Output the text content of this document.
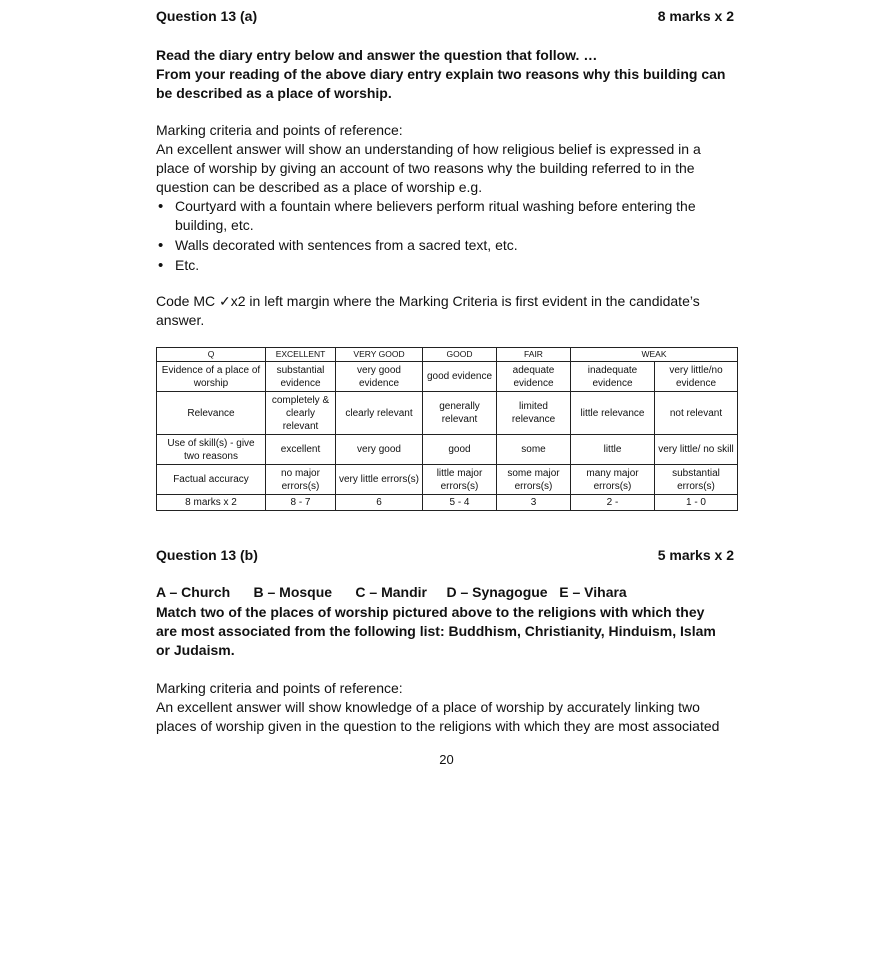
Question 13 (a)	8 marks x 2
Read the diary entry below and answer the question that follow. …
From your reading of the above diary entry explain two reasons why this building can be described as a place of worship.
Marking criteria and points of reference:
An excellent answer will show an understanding of how religious belief is expressed in a place of worship by giving an account of two reasons why the building referred to in the question can be described as a place of worship e.g.
• Courtyard with a fountain where believers perform ritual washing before entering the building, etc.
• Walls decorated with sentences from a sacred text, etc.
• Etc.
Code MC ✓x2 in left margin where the Marking Criteria is first evident in the candidate’s answer.
Q	EXCELLENT	VERY GOOD	GOOD	FAIR	WEAK	
Evidence of a place of worship	substantial evidence	very good evidence	good evidence	adequate evidence	inadequate evidence	very little/no evidence
Relevance	completely & clearly relevant	clearly relevant	generally relevant	limited relevance	little relevance	not relevant
Use of skill(s) - give two reasons	excellent	very good	good	some	little	very little/ no skill
Factual accuracy	no major errors(s)	very little errors(s)	little major errors(s)	some major errors(s)	many major errors(s)	substantial errors(s)
8 marks x 2	8 - 7	6	5 - 4	3	2 -	1 - 0
Question 13 (b)	5 marks x 2
A – Church B – Mosque C – Mandir D – Synagogue E – Vihara
Match two of the places of worship pictured above to the religions with which they are most associated from the following list: Buddhism, Christianity, Hinduism, Islam or Judaism.
Marking criteria and points of reference:
An excellent answer will show knowledge of a place of worship by accurately linking two places of worship given in the question to the religions with which they are most associated
20
